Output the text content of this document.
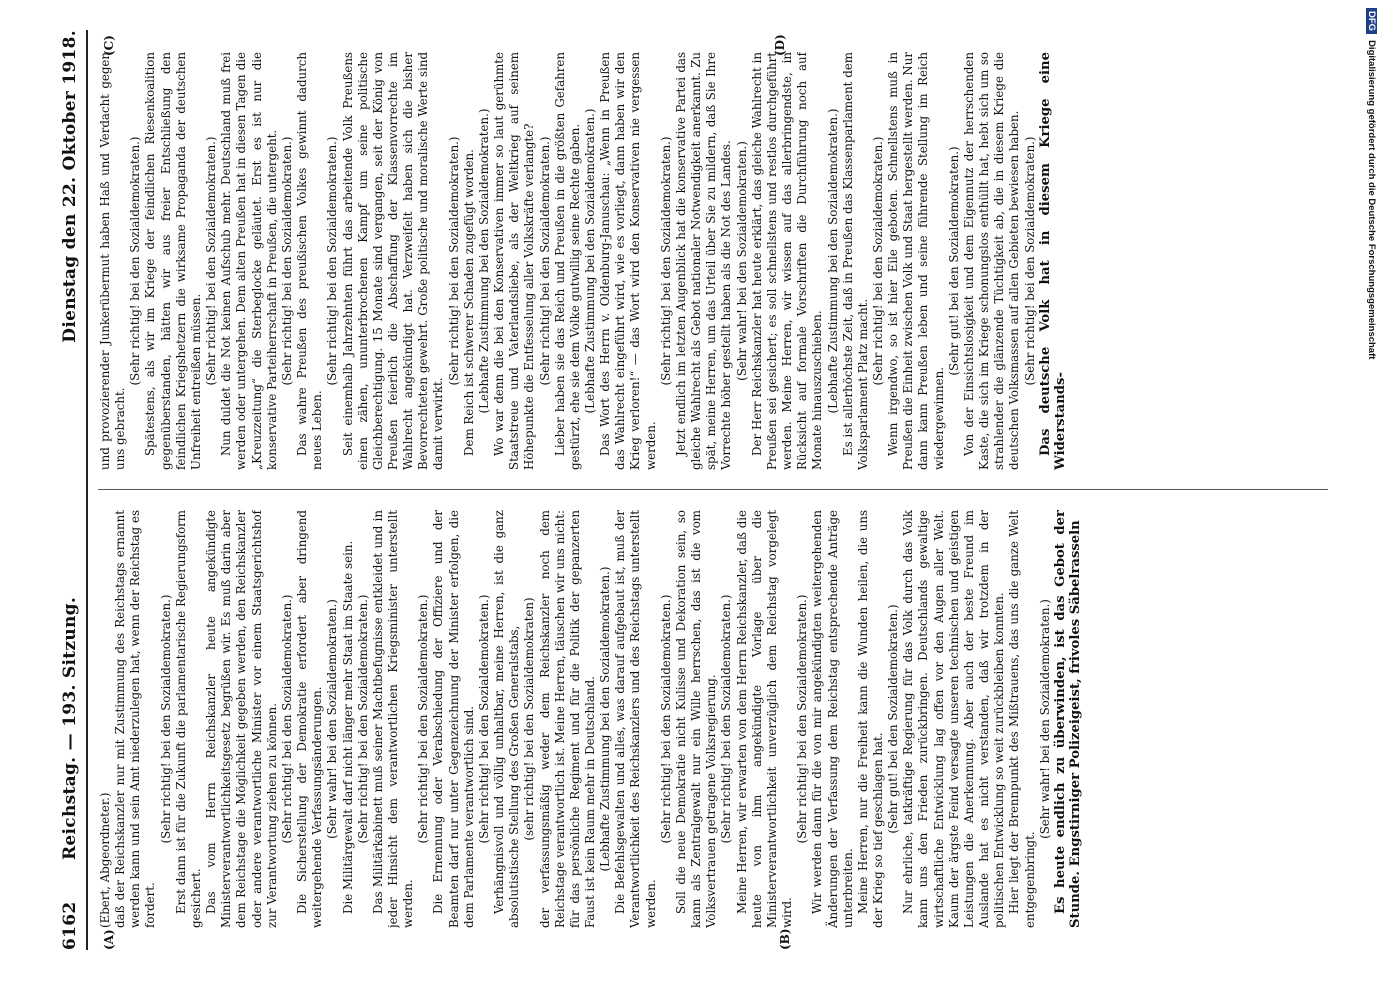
6162
Reichstag. — 193. Sitzung.
Dienstag den 22. Oktober 1918.
(A)	(B)
(C)	(D)

(Ebert, Abgeordneter.) daß der Reichskanzler nur mit Zustimmung des Reichstags ernannt werden kann und sein Amt niederzulegen hat, wenn der Reichstag es fordert.

(Sehr richtig! bei den Sozialdemokraten.) Erst dann ist für die Zukunft die parlamentarische Regierungsform gesichert. Das vom Herrn Reichskanzler heute angekündigte Ministerverantwortlichkeitsgesetz begrüßen wir. Es muß darin aber dem Reichstage die Möglichkeit gegeben werden, den Reichskanzler oder andere verantwortliche Minister vor einem Staatsgerichtshof zur Verantwortung ziehen zu können. (Sehr richtig! bei den Sozialdemokraten.) Die Sicherstellung der Demokratie erfordert aber dringend weitergehende Verfassungsänderungen. (Sehr wahr! bei den Sozialdemokraten.) Die Militärgewalt darf nicht länger mehr Staat im Staate sein. (Sehr richtig! bei den Sozialdemokraten.) Das Militärkabinett muß seiner Machtbefugnisse entkleidet und in jeder Hinsicht dem verantwortlichen Kriegsminister unterstellt werden.

(Sehr richtig! bei den Sozialdemokraten.) Die Ernennung oder Verabschiedung der Offiziere und der Beamten darf nur unter Gegenzeichnung der Minister erfolgen, die dem Parlamente verantwortlich sind. (Sehr richtig! bei den Sozialdemokraten.) Verhängnisvoll und völlig unhaltbar, meine Herren, ist die ganz absolutistische Stellung des Großen Generalstabs, (sehr richtig! bei den Sozialdemokraten) der verfassungsmäßig weder dem Reichskanzler noch dem Reichstage verantwortlich ist. Meine Herren, täuschen wir uns nicht: für das persönliche Regiment und für die Politik der gepanzerten Faust ist kein Raum mehr in Deutschland. (Lebhafte Zustimmung bei den Sozialdemokraten.) Die Befehlsgewalten und alles, was darauf aufgebaut ist, muß der Verantwortlichkeit des Reichskanzlers und des Reichstags unterstellt werden.

(Sehr richtig! bei den Sozialdemokraten.) Soll die neue Demokratie nicht Kulisse und Dekoration sein, so kann als Zentralgewalt nur ein Wille herrschen, das ist die vom Volksvertrauen getragene Volksregierung. (Sehr richtig! bei den Sozialdemokraten.) Meine Herren, wir erwarten von dem Herrn Reichskanzler, daß die heute von ihm angekündigte Vorlage über die Ministerverantwortlichkeit unverzüglich dem Reichstag vorgelegt wird.

(Sehr richtig! bei den Sozialdemokraten.) Wir werden dann für die von mir angekündigten weitergehenden Änderungen der Verfassung dem Reichstag entsprechende Anträge unterbreiten. Meine Herren, nur die Freiheit kann die Wunden heilen, die uns der Krieg so tief geschlagen hat. (Sehr gut! bei den Sozialdemokraten.) Nur ehrliche, tatkräftige Regierung für das Volk durch das Volk kann uns den Frieden zurückbringen. Deutschlands gewaltige wirtschaftliche Entwicklung lag offen vor den Augen aller Welt. Kaum der ärgste Feind versagte unseren technischen und geistigen Leistungen die Anerkennung. Aber auch der beste Freund im Auslande hat es nicht verstanden, daß wir trotzdem in der politischen Entwicklung so weit zurückbleiben konnten. Hier liegt der Brennpunkt des Mißtrauens, das uns die ganze Welt entgegenbringt.

(Sehr wahr! bei den Sozialdemokraten.) Es heute endlich zu überwinden, ist das Gebot der Stunde. Engstirniger Polizeigeist, frivoles Säbelrasseln

und provozierender Junkerübermut haben Haß und Verdacht gegen uns gebracht.

(Sehr richtig! bei den Sozialdemokraten.) Spätestens, als wir im Kriege der feindlichen Riesenkoalition gegenüberstanden, hätten wir aus freier Entschließung den feindlichen Kriegshetzern die wirksame Propaganda der deutschen Unfreiheit entreißen müssen. (Sehr richtig! bei den Sozialdemokraten.) Nun duldet die Not keinen Aufschub mehr. Deutschland muß frei werden oder untergehen. Dem alten Preußen hat in diesen Tagen die „Kreuzzeitung“ die Sterbeglocke geläutet. Erst es ist nur die konservative Parteiherrschaft in Preußen, die untergeht. (Sehr richtig! bei den Sozialdemokraten.) Das wahre Preußen des preußischen Volkes gewinnt dadurch neues Leben.

(Sehr richtig! bei den Sozialdemokraten.) Seit einemhalb Jahrzehnten führt das arbeitende Volk Preußens einen zähen, ununterbrochenen Kampf um seine politische Gleichberechtigung. 15 Monate sind vergangen, seit der König von Preußen feierlich die Abschaffung der Klassenvorrechte im Wahlrecht angekündigt hat. Verzweifelt haben sich die bisher Bevorrechteten gewehrt. Große politische und moralische Werte sind damit verwirkt.

(Sehr richtig! bei den Sozialdemokraten.) Dem Reich ist schwerer Schaden zugefügt worden. (Lebhafte Zustimmung bei den Sozialdemokraten.) Wo war denn die bei den Konservativen immer so laut gerühmte Staatstreue und Vaterlandsliebe, als der Weltkrieg auf seinem Höhepunkte die Entfesselung aller Volkskräfte verlangte? (Sehr richtig! bei den Sozialdemokraten.) Lieber haben sie das Reich und Preußen in die größten Gefahren gestürzt, ehe sie dem Volke gutwillig seine Rechte gaben. (Lebhafte Zustimmung bei den Sozialdemokraten.) Das Wort des Herrn v. Oldenburg-Januschau: „Wenn in Preußen das Wahlrecht eingeführt wird, wie es vorliegt, dann haben wir den Krieg verloren!“ — das Wort wird den Konservativen nie vergessen werden.

(Sehr richtig! bei den Sozialdemokraten.) Jetzt endlich im letzten Augenblick hat die konservative Partei das gleiche Wahlrecht als Gebot nationaler Notwendigkeit anerkannt. Zu spät, meine Herren, um das Urteil über Sie zu mildern, daß Sie Ihre Vorrechte höher gestellt haben als die Not des Landes. (Sehr wahr! bei den Sozialdemokraten.) Der Herr Reichskanzler hat heute erklärt, das gleiche Wahlrecht in Preußen sei gesichert; es soll schnellstens und restlos durchgeführt werden. Meine Herren, wir wissen auf das allerbringendste, in Rücksicht auf formale Vorschriften die Durchführung noch auf Monate hinauszuschieben. (Lebhafte Zustimmung bei den Sozialdemokraten.) Es ist allerhöchste Zeit, daß in Preußen das Klassenparlament dem Volksparlament Platz macht. (Sehr richtig! bei den Sozialdemokraten.) Wenn irgendwo, so ist hier Eile geboten. Schnellstens muß in Preußen die Einheit zwischen Volk und Staat hergestellt werden. Nur dann kann Preußen leben und seine führende Stellung im Reich wiedergewinnen.

(Sehr gut! bei den Sozialdemokraten.) Von der Einsichtslosigkeit und dem Eigennutz der herrschenden Kaste, die sich im Kriege schonungslos enthüllt hat, hebt sich um so strahlender die glänzende Tüchtigkeit ab, die in diesem Kriege die deutschen Volksmassen auf allen Gebieten bewiesen haben. (Sehr richtig! bei den Sozialdemokraten.) Das deutsche Volk hat in diesem Kriege eine Widerstands-

DFGDigitalisierung gefördert durch die Deutsche Forschungsgemeinschaft
